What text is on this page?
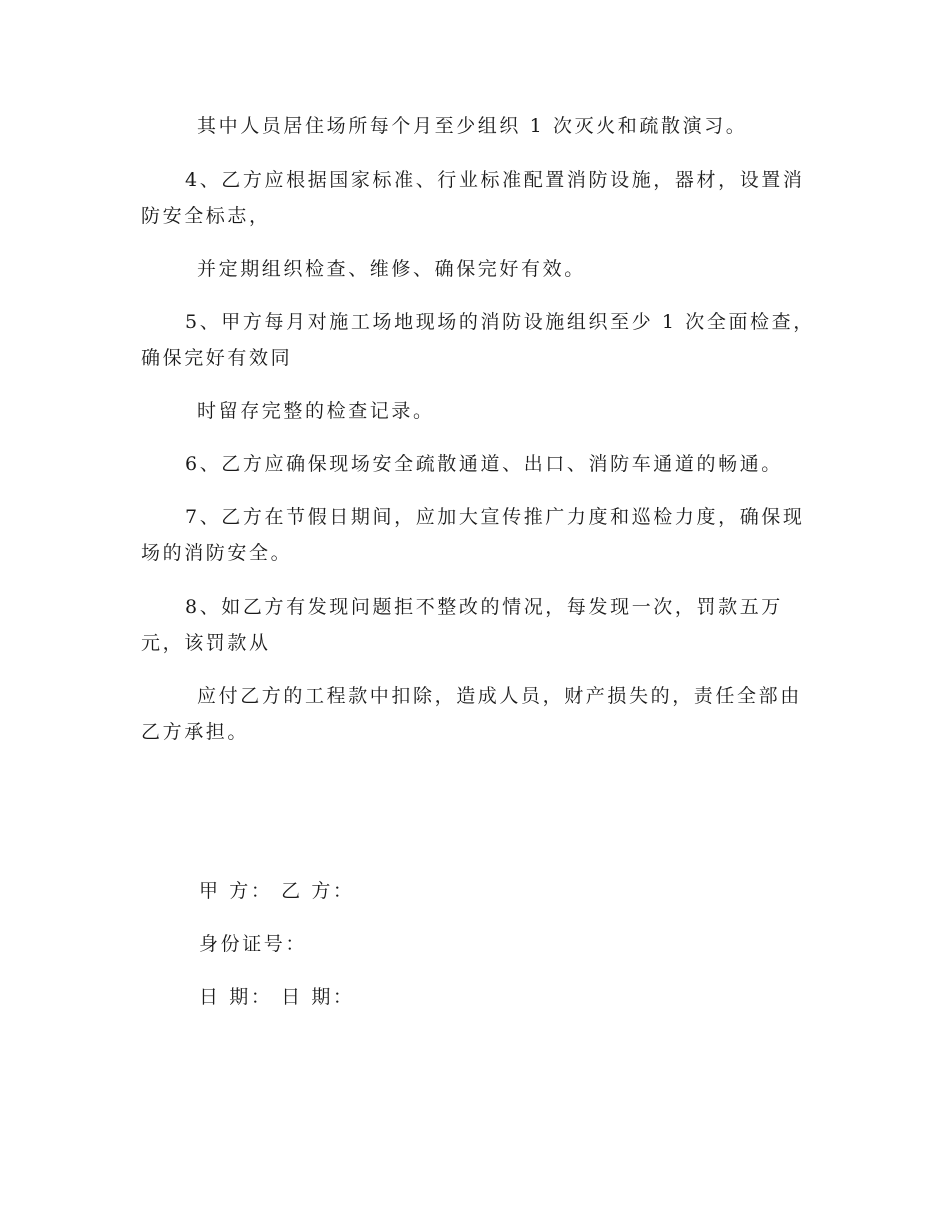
其中人员居住场所每个月至少组织 1 次灭火和疏散演习。
4、乙方应根据国家标准、行业标准配置消防设施，器材，设置消
防安全标志，
并定期组织检查、维修、确保完好有效。
5、甲方每月对施工场地现场的消防设施组织至少 1 次全面检查，
确保完好有效同
时留存完整的检查记录。
6、乙方应确保现场安全疏散通道、出口、消防车通道的畅通。
7、乙方在节假日期间，应加大宣传推广力度和巡检力度，确保现
场的消防安全。
8、如乙方有发现问题拒不整改的情况，每发现一次，罚款五万
元，该罚款从
应付乙方的工程款中扣除，造成人员，财产损失的，责任全部由
乙方承担。
甲 方： 乙 方：
身份证号：
日 期： 日 期：
